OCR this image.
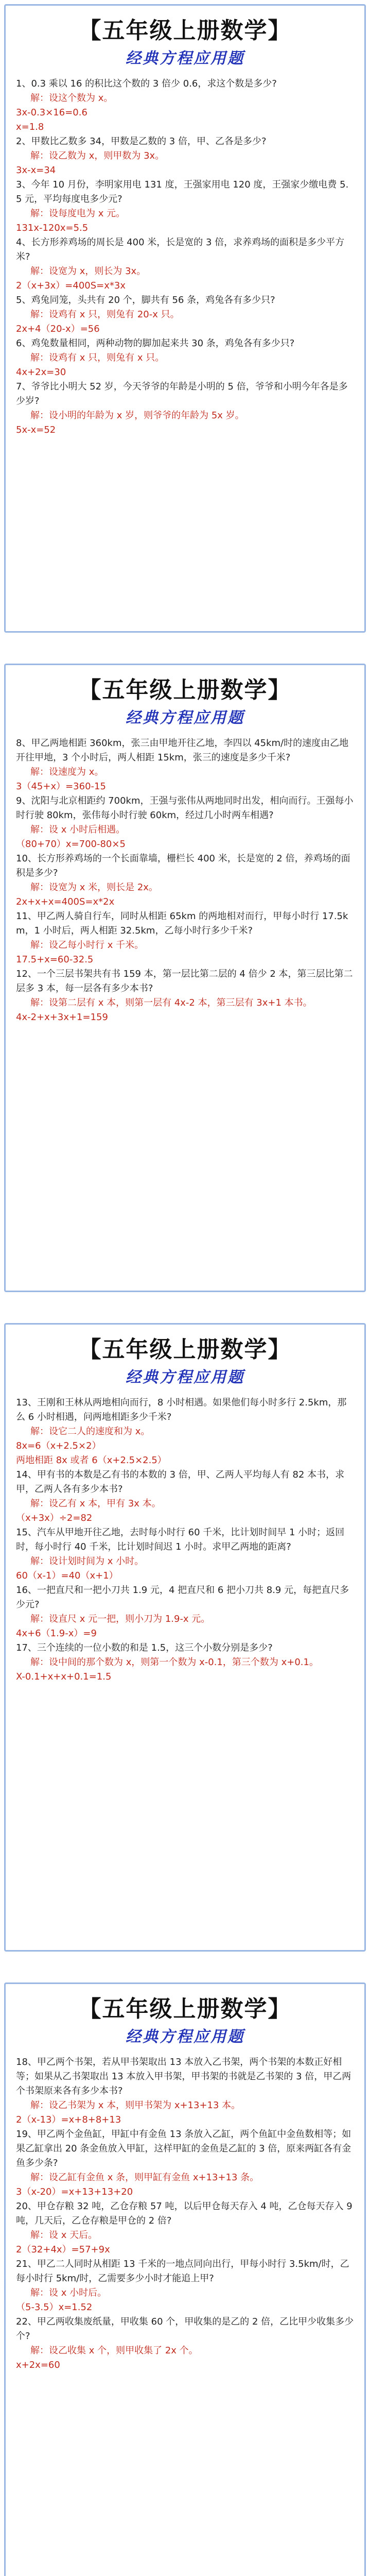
【五年级上册数学】
经典方程应用题
1、0.3 乘以 16 的积比这个数的 3 倍少 0.6，求这个数是多少?
解：设这个数为 x。
3x-0.3×16=0.6
x=1.8
2、甲数比乙数多 34，甲数是乙数的 3 倍，甲、乙各是多少?
解：设乙数为 x，则甲数为 3x。
3x-x=34
3、今年 10 月份，李明家用电 131 度，王强家用电 120 度，王强家少缴电费 5.5 元，平均每度电多少元?
解：设每度电为 x 元。
131x-120x=5.5
4、长方形养鸡场的周长是 400 米，长是宽的 3 倍，求养鸡场的面积是多少平方米?
解：设宽为 x，则长为 3x。
2（x+3x）=400S=x*3x
5、鸡兔同笼，头共有 20 个，脚共有 56 条，鸡兔各有多少只?
解：设鸡有 x 只，则兔有 20-x 只。
2x+4（20-x）=56
6、鸡兔数量相同，两种动物的脚加起来共 30 条，鸡兔各有多少只?
解：设鸡有 x 只，则兔有 x 只。
4x+2x=30
7、爷爷比小明大 52 岁，今天爷爷的年龄是小明的 5 倍，爷爷和小明今年各是多少岁?
解：设小明的年龄为 x 岁，则爷爷的年龄为 5x 岁。
5x-x=52
【五年级上册数学】
经典方程应用题
8、甲乙两地相距 360km，张三由甲地开往乙地，李四以 45km/时的速度由乙地开往甲地，3 个小时后，两人相距 15km，张三的速度是多少千米?
解：设速度为 x。
3（45+x）=360-15
9、沈阳与北京相距约 700km，王强与张伟从两地同时出发，相向而行。王强每小时行驶 80km，张伟每小时行驶 60km，经过几小时两车相遇?
解：设 x 小时后相遇。
（80+70）x=700-80×5
10、长方形养鸡场的一个长面靠墙，栅栏长 400 米，长是宽的 2 倍，养鸡场的面积是多少?
解：设宽为 x 米，则长是 2x。
2x+x+x=400S=x*2x
11、甲乙两人骑自行车，同时从相距 65km 的两地相对而行，甲每小时行 17.5km，1 小时后，两人相距 32.5km，乙每小时行多少千米?
解：设乙每小时行 x 千米。
17.5+x=60-32.5
12、一个三层书架共有书 159 本，第一层比第二层的 4 倍少 2 本，第三层比第二层多 3 本，每一层各有多少本书?
解：设第二层有 x 本，则第一层有 4x-2 本，第三层有 3x+1 本书。
4x-2+x+3x+1=159
【五年级上册数学】
经典方程应用题
13、王刚和王林从两地相向而行，8 小时相遇。如果他们每小时多行 2.5km，那么 6 小时相遇，问两地相距多少千米?
解：设它二人的速度和为 x。
8x=6（x+2.5×2）
两地相距 8x 或者 6（x+2.5×2.5）
14、甲有书的本数是乙有书的本数的 3 倍，甲、乙两人平均每人有 82 本书，求甲，乙两人各有多少本书?
解：设乙有 x 本，甲有 3x 本。
（x+3x）÷2=82
15、汽车从甲地开往乙地，去时每小时行 60 千米，比计划时间早 1 小时；返回时，每小时行 40 千米，比计划时间迟 1 小时。求甲乙两地的距离?
解：设计划时间为 x 小时。
60（x-1）=40（x+1）
16、一把直尺和一把小刀共 1.9 元，4 把直尺和 6 把小刀共 8.9 元，每把直尺多少元?
解：设直尺 x 元一把，则小刀为 1.9-x 元。
4x+6（1.9-x）=9
17、三个连续的一位小数的和是 1.5，这三个小数分别是多少?
解：设中间的那个数为 x，则第一个数为 x-0.1，第三个数为 x+0.1。
X-0.1+x+x+0.1=1.5
【五年级上册数学】
经典方程应用题
18、甲乙两个书架，若从甲书架取出 13 本放入乙书架，两个书架的本数正好相等；如果从乙书架取出 13 本放入甲书架，甲书架的书就是乙书架的 3 倍，甲乙两个书架原来各有多少本书?
解：设乙书架为 x 本，则甲书架为 x+13+13 本。
2（x-13）=x+8+8+13
19、甲乙两个金鱼缸，甲缸中有金鱼 13 条放入乙缸，两个鱼缸中金鱼数相等；如果乙缸拿出 20 条金鱼放入甲缸，这样甲缸的金鱼是乙缸的 3 倍，原来两缸各有金鱼多少条?
解：设乙缸有金鱼 x 条，则甲缸有金鱼 x+13+13 条。
3（x-20）=x+13+13+20
20、甲仓存粮 32 吨，乙仓存粮 57 吨，以后甲仓每天存入 4 吨，乙仓每天存入 9 吨，几天后，乙仓存粮是甲仓的 2 倍?
解：设 x 天后。
2（32+4x）=57+9x
21、甲乙二人同时从相距 13 千米的一地点同向出行，甲每小时行 3.5km/时，乙每小时行 5km/时，乙需要多少小时才能追上甲?
解：设 x 小时后。
（5-3.5）x=1.52
22、甲乙两收集废纸量，甲收集 60 个，甲收集的是乙的 2 倍，乙比甲少收集多少个?
解：设乙收集 x 个，则甲收集了 2x 个。
x+2x=60
